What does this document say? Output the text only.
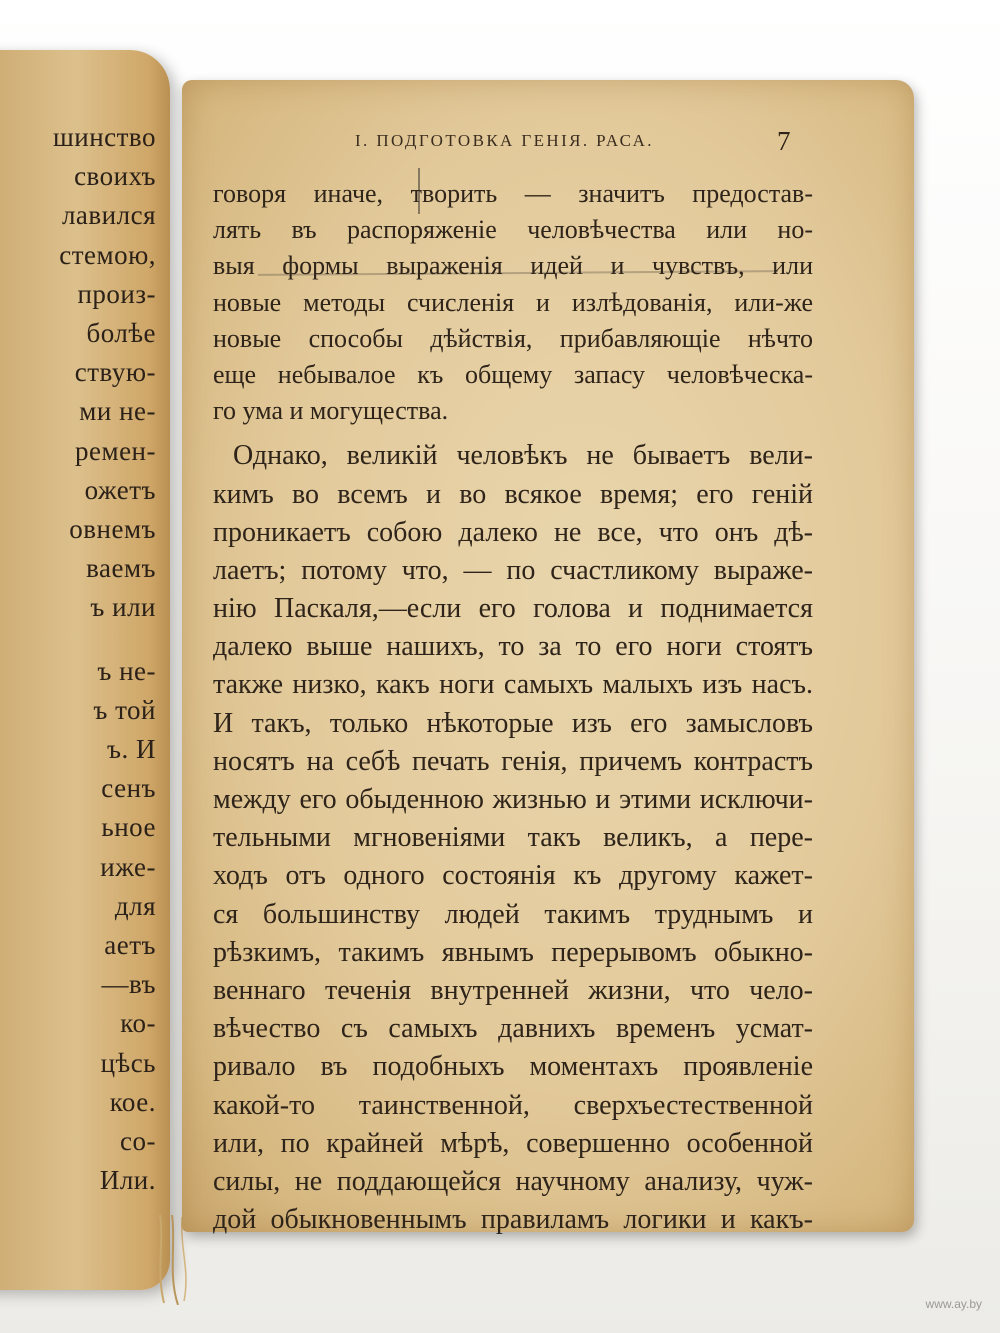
шинство
своихъ
лавился
стемою,
произ-
болѣе
ствую-
ми не-
ремен-
ожетъ
овнемъ
ваемъ
ъ или
ъ не-
ъ той
ъ. И
сенъ
ьное
иже-
для
аетъ
—въ
ко-
цѣсь
кое.
со-
Или.
I. ПОДГОТОВКА ГЕНІЯ. РАСА.	7
говоря иначе, творить — значитъ предостав-
лять въ распоряженіе человѣчества или но-
выя формы выраженія идей и чувствъ, или
новые методы счисленія и излѣдованія, или-же
новые способы дѣйствія, прибавляющіе нѣчто
еще небывалое къ общему запасу человѣческа-
го ума и могущества.
Однако, великій человѣкъ не бываетъ вели-
кимъ во всемъ и во всякое время; его геній
проникаетъ собою далеко не все, что онъ дѣ-
лаетъ; потому что, — по счастликому выраже-
нію Паскаля,—если его голова и поднимается
далеко выше нашихъ, то за то его ноги стоятъ
также низко, какъ ноги самыхъ малыхъ изъ насъ.
И такъ, только нѣкоторые изъ его замысловъ
носятъ на себѣ печать генія, причемъ контрастъ
между его обыденною жизнью и этими исключи-
тельными мгновеніями такъ великъ, а пере-
ходъ отъ одного состоянія къ другому кажет-
ся большинству людей такимъ труднымъ и
рѣзкимъ, такимъ явнымъ перерывомъ обыкно-
веннаго теченія внутренней жизни, что чело-
вѣчество съ самыхъ давнихъ временъ усмат-
ривало въ подобныхъ моментахъ проявленіе
какой-то таинственной, сверхъестественной
или, по крайней мѣрѣ, совершенно особенной
силы, не поддающейся научному анализу, чуж-
дой обыкновеннымъ правиламъ логики и какъ-
www.ay.by
